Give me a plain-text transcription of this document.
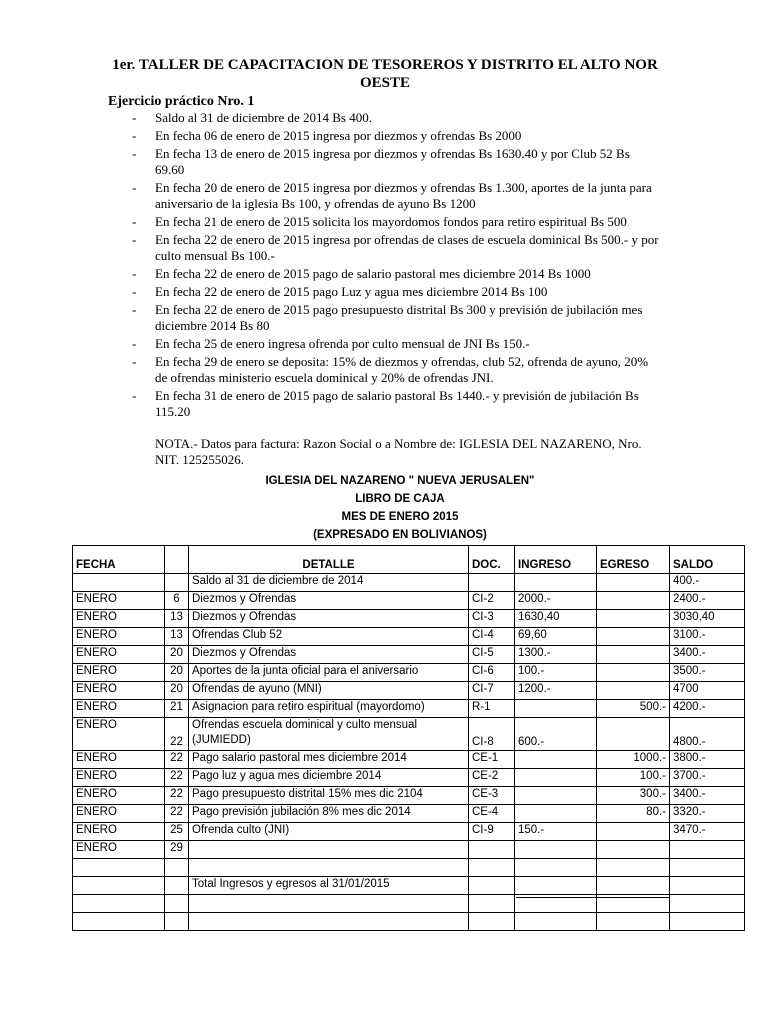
1er. TALLER DE CAPACITACION DE TESOREROS Y DISTRITO EL ALTO NOR OESTE
Ejercicio práctico Nro. 1
- Saldo al 31 de diciembre de 2014 Bs 400.
- En fecha 06 de enero de 2015 ingresa por diezmos y ofrendas Bs 2000
- En fecha 13 de enero de 2015 ingresa por diezmos y ofrendas Bs 1630.40 y por Club 52 Bs 69.60
- En fecha 20 de enero de 2015 ingresa por diezmos y ofrendas Bs 1.300, aportes de la junta para aniversario de la iglesia Bs 100, y ofrendas de ayuno Bs 1200
- En fecha 21 de enero de 2015 solicita los mayordomos fondos para retiro espiritual Bs 500
- En fecha 22 de enero de 2015 ingresa por ofrendas de clases de escuela dominical Bs 500.- y por culto mensual Bs 100.-
- En fecha 22 de enero de 2015 pago de salario pastoral mes diciembre 2014 Bs 1000
- En fecha 22 de enero de 2015 pago Luz y agua mes diciembre 2014 Bs 100
- En fecha 22 de enero de 2015 pago presupuesto distrital Bs 300 y previsión de jubilación mes diciembre 2014 Bs 80
- En fecha 25 de enero ingresa ofrenda por culto mensual de JNI Bs 150.-
- En fecha 29 de enero se deposita: 15% de diezmos y ofrendas, club 52, ofrenda de ayuno, 20% de ofrendas ministerio escuela dominical y 20% de ofrendas JNI.
- En fecha 31 de enero de 2015 pago de salario pastoral Bs 1440.- y previsión de jubilación Bs 115.20
NOTA.- Datos para factura: Razon Social o a Nombre de: IGLESIA DEL NAZARENO, Nro. NIT. 125255026.
IGLESIA DEL NAZARENO " NUEVA JERUSALEN"
LIBRO DE CAJA
MES DE ENERO 2015
(EXPRESADO EN BOLIVIANOS)
FECHA		DETALLE	DOC.	INGRESO	EGRESO	SALDO
		Saldo al 31 de diciembre de 2014				400.-
ENERO	6	Diezmos y Ofrendas	CI-2	2000.-		2400.-
ENERO	13	Diezmos y Ofrendas	CI-3	1630,40		3030,40
ENERO	13	Ofrendas Club 52	CI-4	69,60		3100.-
ENERO	20	Diezmos y Ofrendas	CI-5	1300.-		3400.-
ENERO	20	Aportes de la junta oficial para el aniversario	CI-6	100.-		3500.-
ENERO	20	Ofrendas de ayuno (MNI)	CI-7	1200.-		4700
ENERO	21	Asignacion para retiro espiritual (mayordomo)	R-1		500.-	4200.-
ENERO	22	Ofrendas escuela dominical y culto mensual (JUMIEDD)	CI-8	600.-		4800.-
ENERO	22	Pago salario pastoral mes diciembre 2014	CE-1		1000.-	3800.-
ENERO	22	Pago luz y agua mes diciembre 2014	CE-2		100.-	3700.-
ENERO	22	Pago presupuesto distrital 15% mes dic 2104	CE-3		300.-	3400.-
ENERO	22	Pago previsión jubilación 8% mes dic 2014	CE-4		80.-	3320.-
ENERO	25	Ofrenda culto (JNI)	CI-9	150.-		3470.-
ENERO	29					

		Total Ingresos y egresos al 31/01/2015				
